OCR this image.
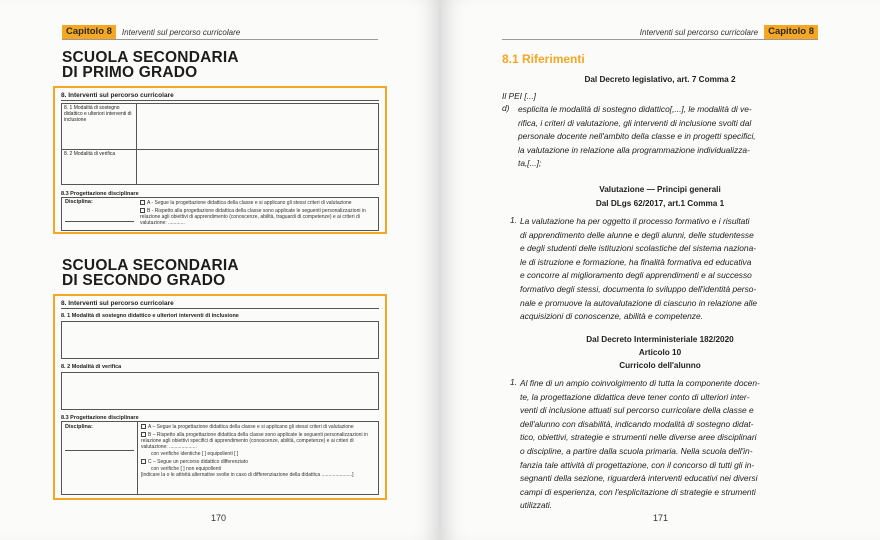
Capitolo 8	Interventi sul percorso curricolare
SCUOLA SECONDARIA
DI PRIMO GRADO
8. Interventi sul percorso curricolare
8. 1 Modalità di sostegno didattico e ulteriori interventi di inclusione
8. 2 Modalità di verifica
8.3 Progettazione disciplinare
Disciplina:	A - Segue la progettazione didattica della classe e si applicano gli stessi criteri di valutazione
B - Rispetto alla progettazione didattica della classe sono applicate le seguenti personalizzazioni in relazione agli obiettivi di apprendimento (conoscenze, abilità, traguardi di competenze) e ai criteri di valutazione: ............
SCUOLA SECONDARIA
DI SECONDO GRADO
8. Interventi sul percorso curricolare
8. 1 Modalità di sostegno didattico e ulteriori interventi di inclusione
8. 2 Modalità di verifica
8.3 Progettazione disciplinare
Disciplina:	A – Segue la progettazione didattica della classe e si applicano gli stessi criteri di valutazione
B – Rispetto alla progettazione didattica della classe sono applicate le seguenti personalizzazioni in relazione agli obiettivi specifici di apprendimento (conoscenze, abilità, competenze) e ai criteri di valutazione: ....................
con verifiche identiche [ ] equipollenti [ ]
C – Segue un percorso didattico differenziato
con verifiche [ ] non equipollenti
[indicare la o le attività alternative svolte in caso di differenziazione della didattica ......................]
170
Interventi sul percorso curricolare	Capitolo 8
8.1 Riferimenti
Dal Decreto legislativo, art. 7 Comma 2
Il PEI [...]
d) esplicita le modalità di sostegno didattico[,...], le modalità di ve-
rifica, i criteri di valutazione, gli interventi di inclusione svolti dal
personale docente nell'ambito della classe e in progetti specifici,
la valutazione in relazione alla programmazione individualizza-
ta,[...];
Valutazione — Principi generali
Dal DLgs 62/2017, art.1 Comma 1
1. La valutazione ha per oggetto il processo formativo e i risultati
di apprendimento delle alunne e degli alunni, delle studentesse
e degli studenti delle istituzioni scolastiche del sistema naziona-
le di istruzione e formazione, ha finalità formativa ed educativa
e concorre al miglioramento degli apprendimenti e al successo
formativo degli stessi, documenta lo sviluppo dell'identità perso-
nale e promuove la autovalutazione di ciascuno in relazione alle
acquisizioni di conoscenze, abilità e competenze.
Dal Decreto Interministeriale 182/2020
Articolo 10
Curricolo dell'alunno
1. Al fine di un ampio coinvolgimento di tutta la componente docen-
te, la progettazione didattica deve tener conto di ulteriori inter-
venti di inclusione attuati sul percorso curricolare della classe e
dell'alunno con disabilità, indicando modalità di sostegno didat-
tico, obiettivi, strategie e strumenti nelle diverse aree disciplinari
o discipline, a partire dalla scuola primaria. Nella scuola dell'in-
fanzia tale attività di progettazione, con il concorso di tutti gli in-
segnanti della sezione, riguarderà interventi educativi nei diversi
campi di esperienza, con l'esplicitazione di strategie e strumenti
utilizzati.
171
